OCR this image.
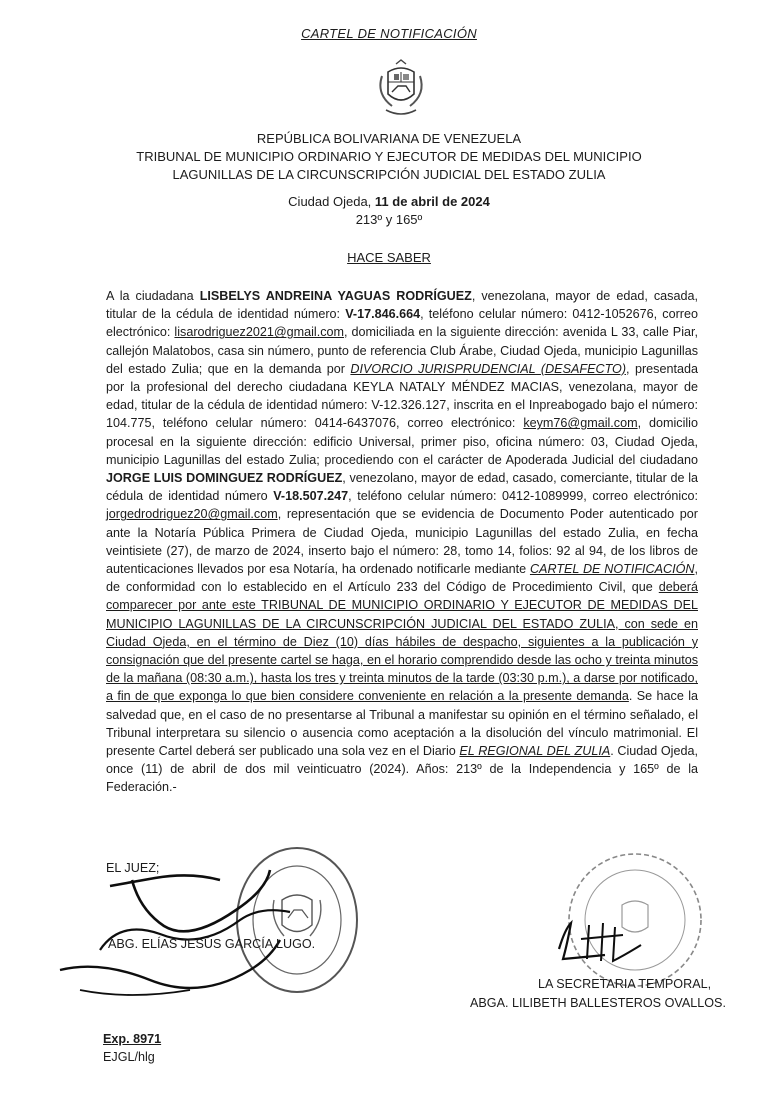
CARTEL DE NOTIFICACIÓN
REPÚBLICA BOLIVARIANA DE VENEZUELA
TRIBUNAL DE MUNICIPIO ORDINARIO Y EJECUTOR DE MEDIDAS DEL MUNICIPIO
LAGUNILLAS DE LA CIRCUNSCRIPCIÓN JUDICIAL DEL ESTADO ZULIA
Ciudad Ojeda, 11 de abril de 2024
213º y 165º
HACE SABER
A la ciudadana LISBELYS ANDREINA YAGUAS RODRÍGUEZ, venezolana, mayor de edad, casada, titular de la cédula de identidad número: V-17.846.664, teléfono celular número: 0412-1052676, correo electrónico: lisarodriguez2021@gmail.com, domiciliada en la siguiente dirección: avenida L 33, calle Piar, callejón Malatobos, casa sin número, punto de referencia Club Árabe, Ciudad Ojeda, municipio Lagunillas del estado Zulia; que en la demanda por DIVORCIO JURISPRUDENCIAL (DESAFECTO), presentada por la profesional del derecho ciudadana KEYLA NATALY MÉNDEZ MACIAS, venezolana, mayor de edad, titular de la cédula de identidad número: V-12.326.127, inscrita en el Inpreabogado bajo el número: 104.775, teléfono celular número: 0414-6437076, correo electrónico: keym76@gmail.com, domicilio procesal en la siguiente dirección: edificio Universal, primer piso, oficina número: 03, Ciudad Ojeda, municipio Lagunillas del estado Zulia; procediendo con el carácter de Apoderada Judicial del ciudadano JORGE LUIS DOMINGUEZ RODRÍGUEZ, venezolano, mayor de edad, casado, comerciante, titular de la cédula de identidad número V-18.507.247, teléfono celular número: 0412-1089999, correo electrónico: jorgedrodriguez20@gmail.com, representación que se evidencia de Documento Poder autenticado por ante la Notaría Pública Primera de Ciudad Ojeda, municipio Lagunillas del estado Zulia, en fecha veintisiete (27), de marzo de 2024, inserto bajo el número: 28, tomo 14, folios: 92 al 94, de los libros de autenticaciones llevados por esa Notaría, ha ordenado notificarle mediante CARTEL DE NOTIFICACIÓN, de conformidad con lo establecido en el Artículo 233 del Código de Procedimiento Civil, que deberá comparecer por ante este TRIBUNAL DE MUNICIPIO ORDINARIO Y EJECUTOR DE MEDIDAS DEL MUNICIPIO LAGUNILLAS DE LA CIRCUNSCRIPCIÓN JUDICIAL DEL ESTADO ZULIA, con sede en Ciudad Ojeda, en el término de Diez (10) días hábiles de despacho, siguientes a la publicación y consignación que del presente cartel se haga, en el horario comprendido desde las ocho y treinta minutos de la mañana (08:30 a.m.), hasta los tres y treinta minutos de la tarde (03:30 p.m.), a darse por notificado, a fin de que exponga lo que bien considere conveniente en relación a la presente demanda. Se hace la salvedad que, en el caso de no presentarse al Tribunal a manifestar su opinión en el término señalado, el Tribunal interpretara su silencio o ausencia como aceptación a la disolución del vínculo matrimonial. El presente Cartel deberá ser publicado una sola vez en el Diario EL REGIONAL DEL ZULIA. Ciudad Ojeda, once (11) de abril de dos mil veinticuatro (2024). Años: 213º de la Independencia y 165º de la Federación.-
EL JUEZ;
ABG. ELÍAS JESÚS GARCÍA LUGO.
LA SECRETARIA TEMPORAL,
ABGA. LILIBETH BALLESTEROS OVALLOS.
Exp. 8971
EJGL/hlg
